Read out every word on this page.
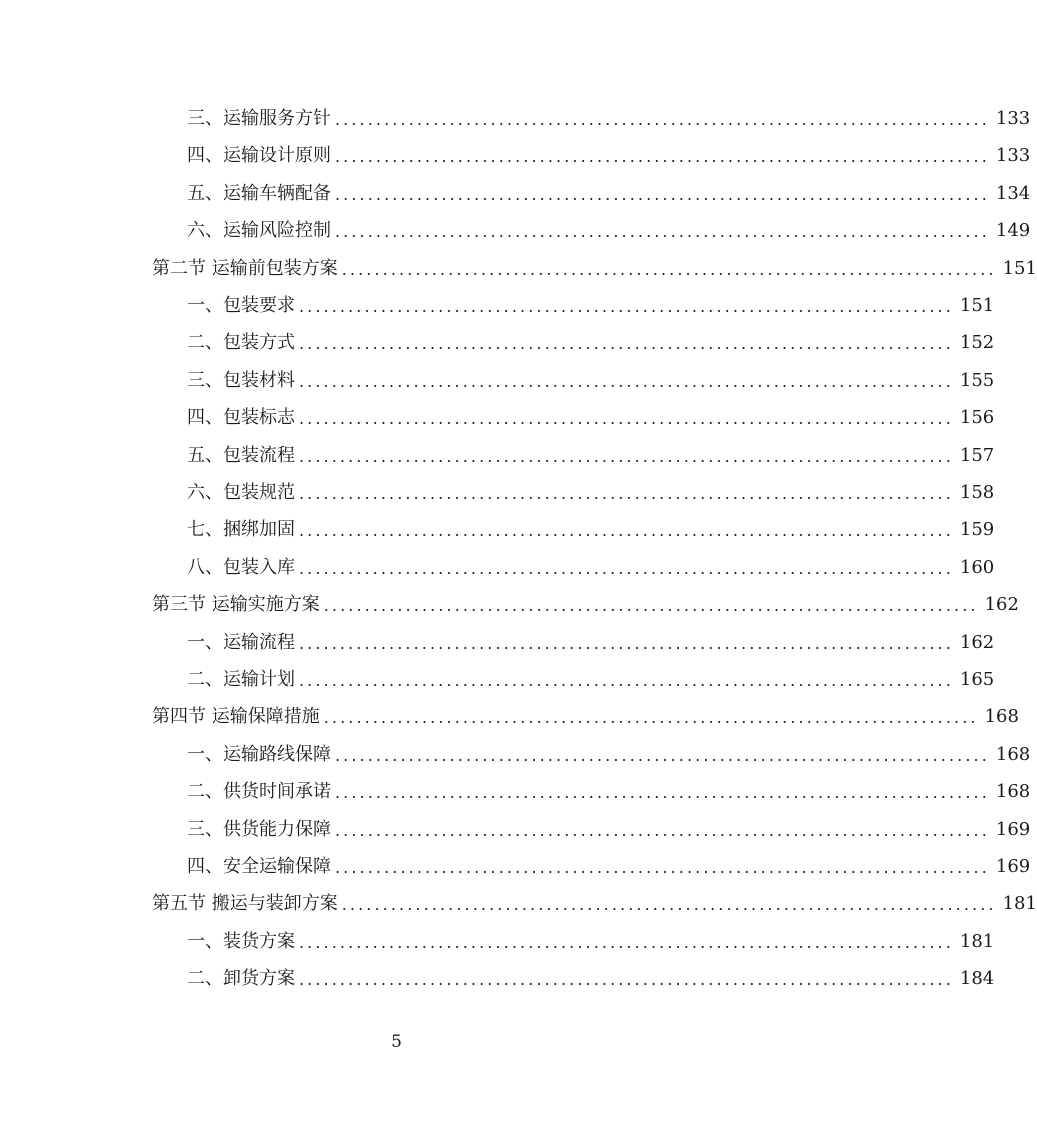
三、运输服务方针 ................................................................................ 133
四、运输设计原则 ................................................................................ 133
五、运输车辆配备 ................................................................................ 134
六、运输风险控制 ................................................................................ 149
第二节 运输前包装方案 ................................................................................ 151
一、包装要求 ................................................................................ 151
二、包装方式 ................................................................................ 152
三、包装材料 ................................................................................ 155
四、包装标志 ................................................................................ 156
五、包装流程 ................................................................................ 157
六、包装规范 ................................................................................ 158
七、捆绑加固 ................................................................................ 159
八、包装入库 ................................................................................ 160
第三节 运输实施方案 ................................................................................ 162
一、运输流程 ................................................................................ 162
二、运输计划 ................................................................................ 165
第四节 运输保障措施 ................................................................................ 168
一、运输路线保障 ................................................................................ 168
二、供货时间承诺 ................................................................................ 168
三、供货能力保障 ................................................................................ 169
四、安全运输保障 ................................................................................ 169
第五节 搬运与装卸方案 ................................................................................ 181
一、装货方案 ................................................................................ 181
二、卸货方案 ................................................................................ 184
5
